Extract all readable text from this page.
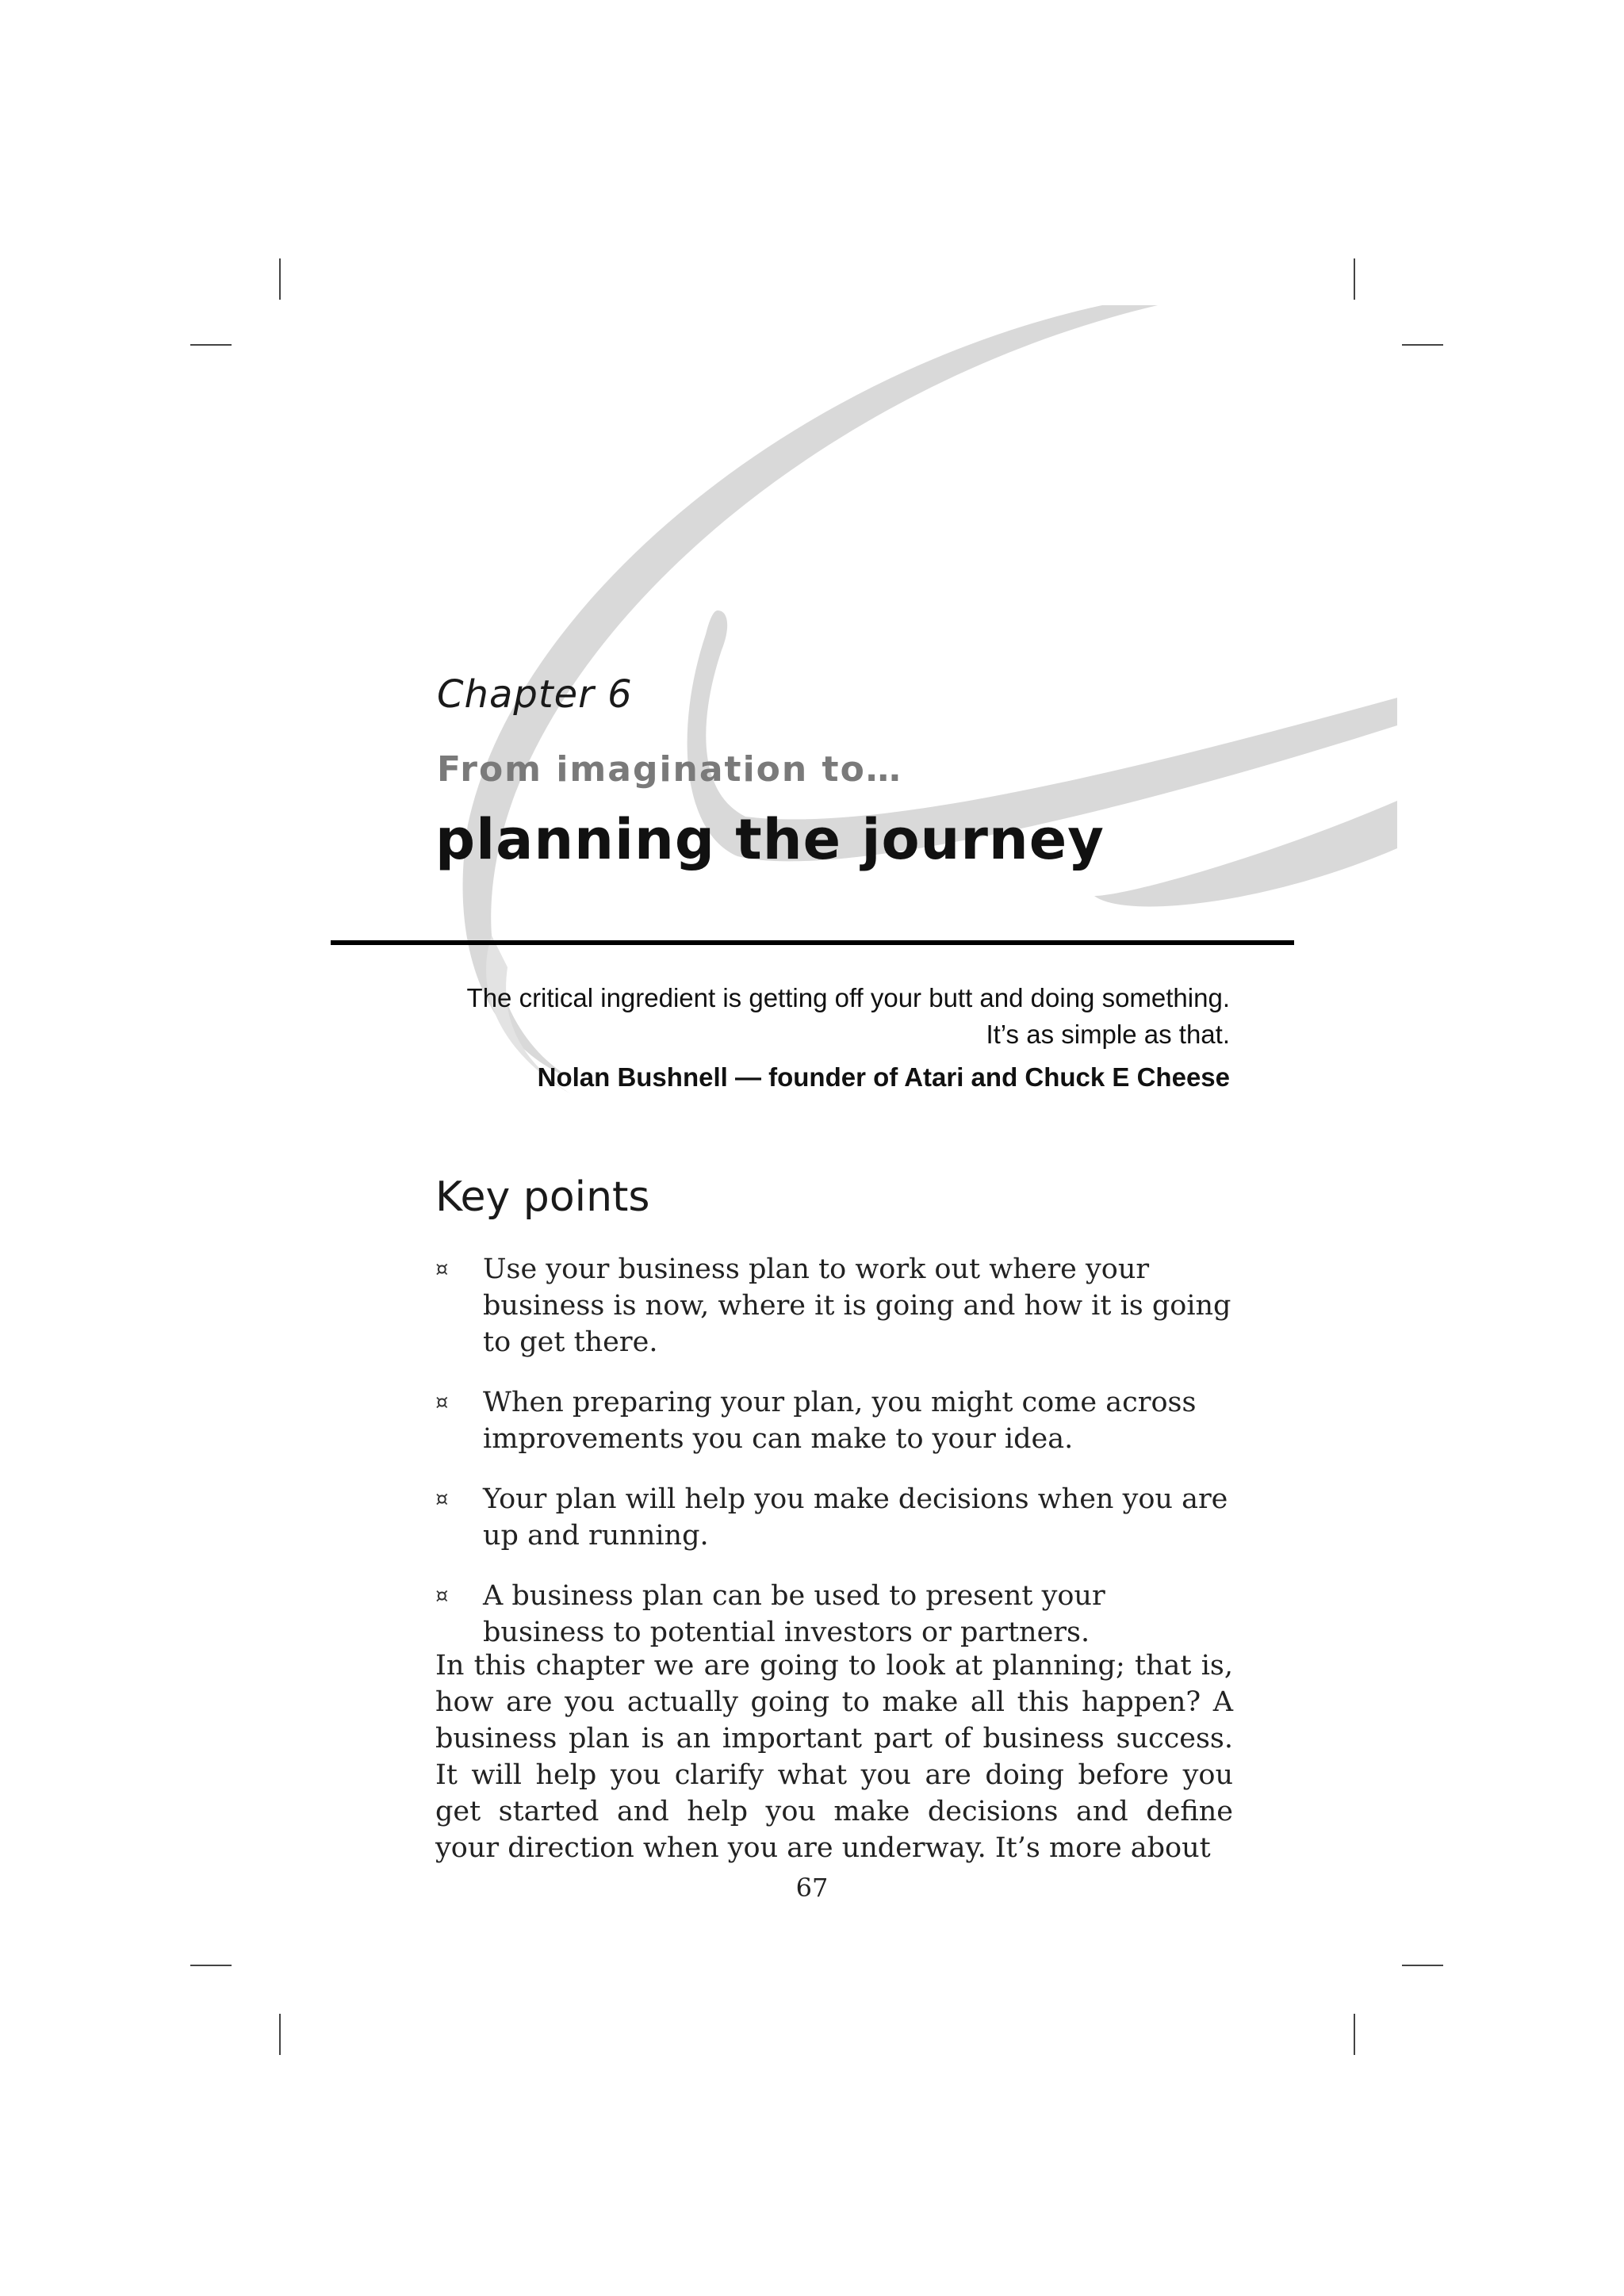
Chapter 6
From imagination to…
planning the journey
The critical ingredient is getting off your butt and doing something.
It’s as simple as that.
Nolan Bushnell — founder of Atari and Chuck E Cheese
Key points
¤ Use your business plan to work out where your business is now, where it is going and how it is going to get there.
¤ When preparing your plan, you might come across improvements you can make to your idea.
¤ Your plan will help you make decisions when you are up and running.
¤ A business plan can be used to present your business to potential investors or partners.

In this chapter we are going to look at planning; that is, how are you actually going to make all this happen? A business plan is an important part of business success. It will help you clarify what you are doing before you get started and help you make decisions and define your direction when you are underway. It’s more about

67
